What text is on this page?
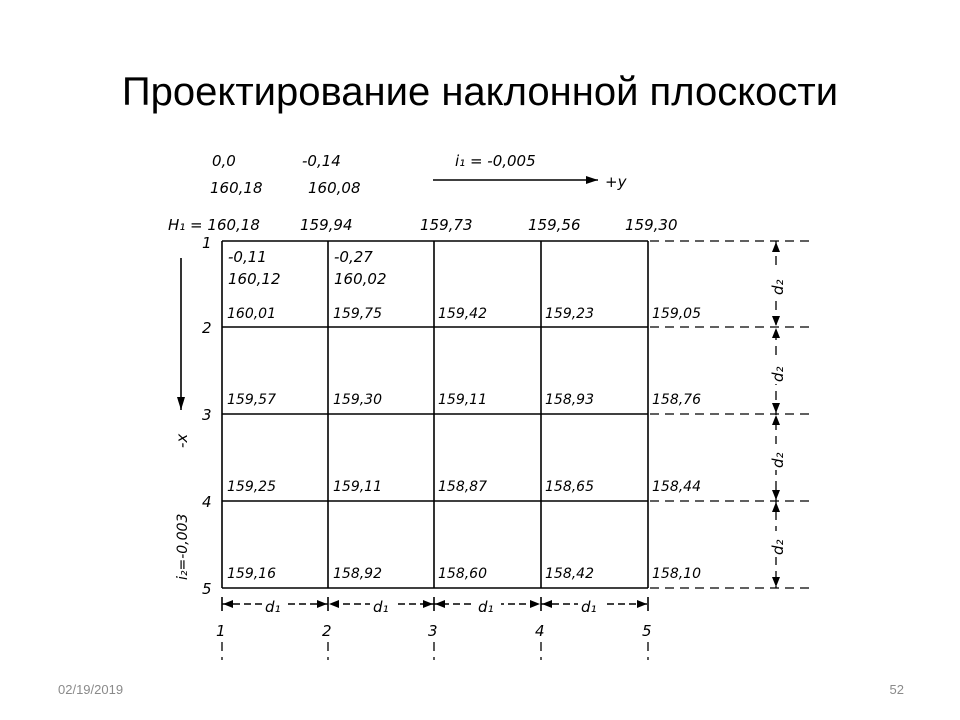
Проектирование наклонной плоскости
0,0
160,18
-0,14
160,08
i₁ = -0,005
+y
H₁ = 160,18	159,94	159,73	159,56	159,30
d₂
d₂
d₂
d₂
1
2
3
4
5
-0,11
160,12
-0,27
160,02
160,01	159,75	159,42	159,23	159,05
159,57	159,30	159,11	158,93	158,76
159,25	159,11	158,87	158,65	158,44
159,16	158,92	158,60	158,42	158,10
-x
i₂=-0,003
d₁	d₁	d₁	d₁
1	2	3	4	5
02/19/2019	52
